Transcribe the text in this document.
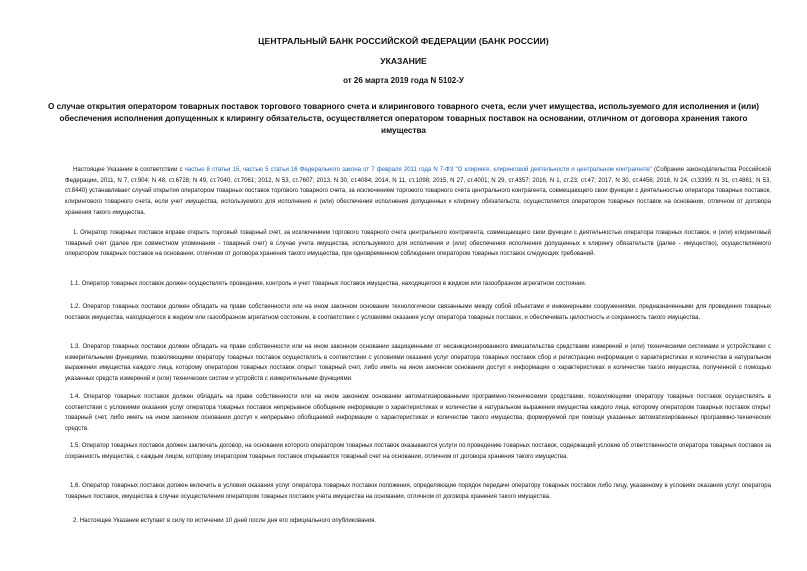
ЦЕНТРАЛЬНЫЙ БАНК РОССИЙСКОЙ ФЕДЕРАЦИИ (БАНК РОССИИ)
УКАЗАНИЕ
от 26 марта 2019 года N 5102-У
О случае открытия оператором товарных поставок торгового товарного счета и клирингового товарного счета, если учет имущества, используемого для исполнения и (или) обеспечения исполнения допущенных к клирингу обязательств, осуществляется оператором товарных поставок на основании, отличном от договора хранения такого имущества
Настоящее Указание в соответствии с частью 8 статьи 15, частью 5 статьи 16 Федерального закона от 7 февраля 2011 года N 7-ФЗ "О клиринге, клиринговой деятельности и центральном контрагенте" (Собрание законодательства Российской Федерации, 2011, N 7, ст.904; N 48, ст.6728; N 49, ст.7040, ст.7061; 2012, N 53, ст.7607; 2013, N 30, ст.4084; 2014, N 11, ст.1098; 2015, N 27, ст.4001; N 29, ст.4357; 2016, N 1, ст.23, ст.47; 2017, N 30, ст.4456; 2018, N 24, ст.3399; N 31, ст.4861; N 53, ст.8440) устанавливает случай открытия оператором товарных поставок торгового товарного счета, за исключением торгового товарного счета центрального контрагента, совмещающего свои функции с деятельностью оператора товарных поставок, клирингового товарного счета, если учет имущества, используемого для исполнения и (или) обеспечения исполнения допущенных к клирингу обязательств, осуществляется оператором товарных поставок на основании, отличном от договора хранения такого имущества.
1. Оператор товарных поставок вправе открыть торговый товарный счет, за исключением торгового товарного счета центрального контрагента, совмещающего свои функции с деятельностью оператора товарных поставок, и (или) клиринговый товарный счет (далее при совместном упоминании - товарный счет) в случае учета имущества, используемого для исполнения и (или) обеспечения исполнения допущенных к клирингу обязательств (далее - имущество), осуществляемого оператором товарных поставок на основании, отличном от договора хранения такого имущества, при одновременном соблюдении оператором товарных поставок следующих требований.
1.1. Оператор товарных поставок должен осуществлять проведение, контроль и учет товарных поставок имущества, находящегося в жидком или газообразном агрегатном состоянии.
1.2. Оператор товарных поставок должен обладать на праве собственности или на ином законном основании технологически связанными между собой объектами и инженерными сооружениями, предназначенными для проведения товарных поставок имущества, находящегося в жидком или газообразном агрегатном состоянии, в соответствии с условиями оказания услуг оператора товарных поставок, и обеспечивать целостность и сохранность такого имущества.
1.3. Оператор товарных поставок должен обладать на праве собственности или на ином законном основании защищенными от несанкционированного вмешательства средствами измерений и (или) техническими системами и устройствами с измерительными функциями, позволяющими оператору товарных поставок осуществлять в соответствии с условиями оказания услуг оператора товарных поставок сбор и регистрацию информации о характеристиках и количестве в натуральном выражении имущества каждого лица, которому оператором товарных поставок открыт товарный счет, либо иметь на ином законном основании доступ к информации о характеристиках и количестве такого имущества, полученной с помощью указанных средств измерений и (или) технических систем и устройств с измерительными функциями.
1.4. Оператор товарных поставок должен обладать на праве собственности или на ином законном основании автоматизированными программно-техническими средствами, позволяющими оператору товарных поставок осуществлять в соответствии с условиями оказания услуг оператора товарных поставок непрерывное обобщение информации о характеристиках и количестве в натуральном выражении имущества каждого лица, которому оператором товарных поставок открыт товарный счет, либо иметь на ином законном основании доступ к непрерывно обобщаемой информации о характеристиках и количестве такого имущества, формируемой при помощи указанных автоматизированных программно-технических средств.
1.5. Оператор товарных поставок должен заключать договор, на основании которого оператором товарных поставок оказываются услуги по проведению товарных поставок, содержащий условие об ответственности оператора товарных поставок за сохранность имущества, с каждым лицом, которому оператором товарных поставок открывается товарный счет на основании, отличном от договора хранения такого имущества.
1.6. Оператор товарных поставок должен включить в условия оказания услуг оператора товарных поставок положения, определяющие порядок передачи оператору товарных поставок либо лицу, указанному в условиях оказания услуг оператора товарных поставок, имущества в случае осуществления оператором товарных поставок учета имущества на основании, отличном от договора хранения такого имущества.
2. Настоящее Указание вступает в силу по истечении 10 дней после дня его официального опубликования.
